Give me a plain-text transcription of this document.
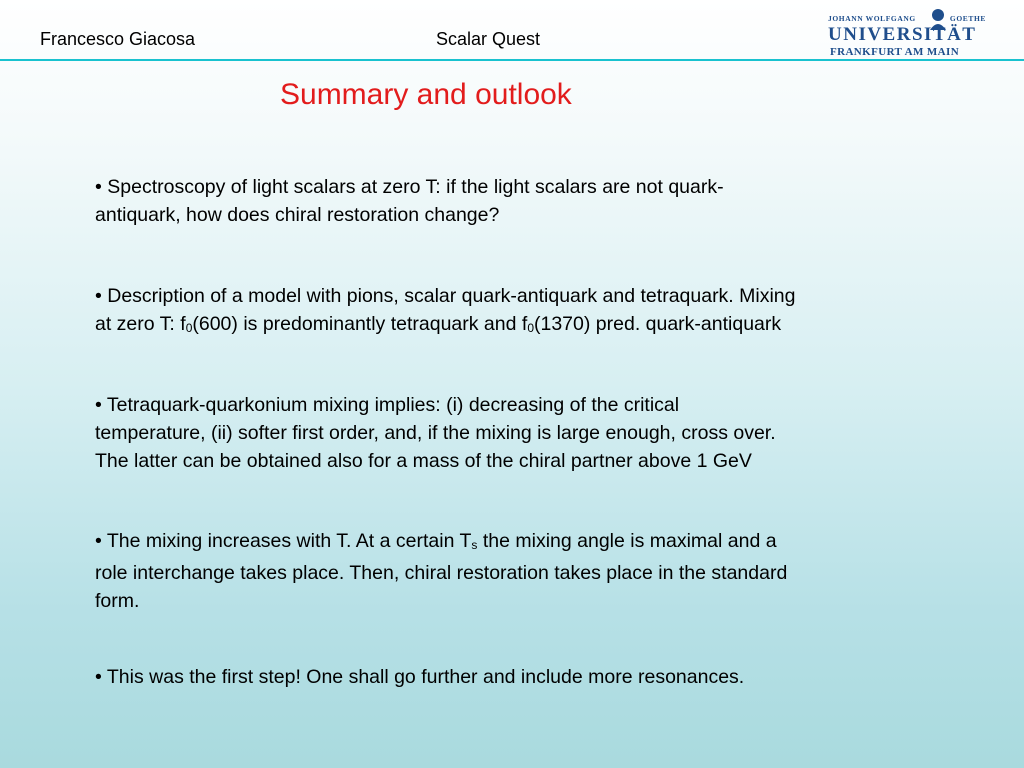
Francesco Giacosa	Scalar Quest
JOHANN WOLFGANG	GOETHE
UNIVERSITÄT
FRANKFURT AM MAIN
Summary and outlook

• Spectroscopy of light scalars at zero T: if the light scalars are not quark-

antiquark, how does chiral restoration change?

• Description of a model with pions, scalar quark-antiquark and tetraquark. Mixing

at zero T: f0(600) is predominantly tetraquark and f0(1370) pred. quark-antiquark

• Tetraquark-quarkonium mixing implies: (i) decreasing of the critical

temperature, (ii) softer first order, and, if the mixing is large enough, cross over.

The latter can be obtained also for a mass of the chiral partner above 1 GeV

• The mixing increases with T. At a certain Ts the mixing angle is maximal and a

role interchange takes place. Then, chiral restoration takes place in the standard

form.

• This was the first step! One shall go further and include more resonances.
